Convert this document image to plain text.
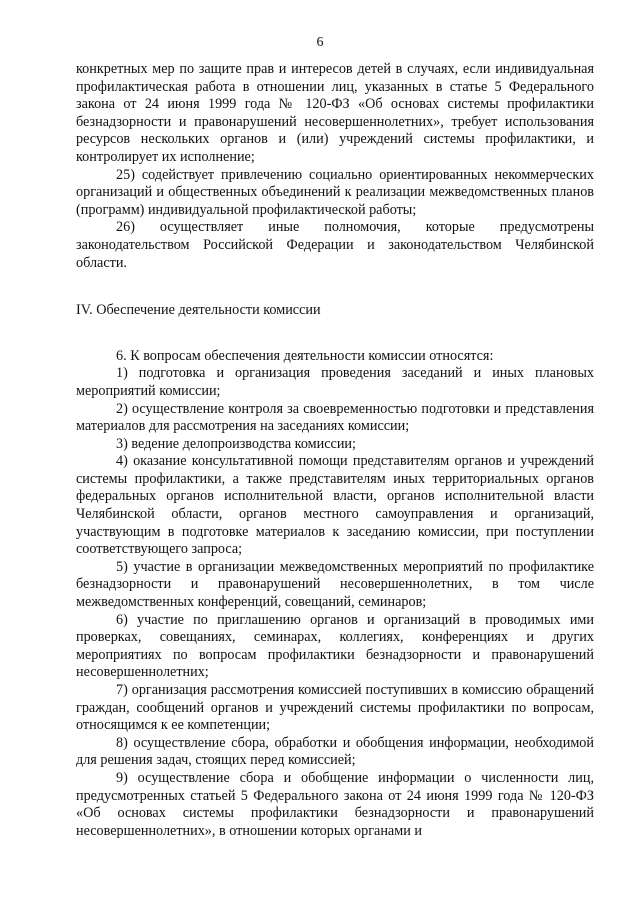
6

конкретных мер по защите прав и интересов детей в случаях, если индивидуальная профилактическая работа в отношении лиц, указанных в статье 5 Федерального закона от 24 июня 1999 года № 120-ФЗ «Об основах системы профилактики безнадзорности и правонарушений несовершеннолетних», требует использования ресурсов нескольких органов и (или) учреждений системы профилактики, и контролирует их исполнение;

25) содействует привлечению социально ориентированных некоммерческих организаций и общественных объединений к реализации межведомственных планов (программ) индивидуальной профилактической работы;

26) осуществляет иные полномочия, которые предусмотрены законодательством Российской Федерации и законодательством Челябинской области.

IV. Обеспечение деятельности комиссии

6. К вопросам обеспечения деятельности комиссии относятся:

1) подготовка и организация проведения заседаний и иных плановых мероприятий комиссии;

2) осуществление контроля за своевременностью подготовки и представления материалов для рассмотрения на заседаниях комиссии;

3) ведение делопроизводства комиссии;

4) оказание консультативной помощи представителям органов и учреждений системы профилактики, а также представителям иных территориальных органов федеральных органов исполнительной власти, органов исполнительной власти Челябинской области, органов местного самоуправления и организаций, участвующим в подготовке материалов к заседанию комиссии, при поступлении соответствующего запроса;

5) участие в организации межведомственных мероприятий по профилактике безнадзорности и правонарушений несовершеннолетних, в том числе межведомственных конференций, совещаний, семинаров;

6) участие по приглашению органов и организаций в проводимых ими проверках, совещаниях, семинарах, коллегиях, конференциях и других мероприятиях по вопросам профилактики безнадзорности и правонарушений несовершеннолетних;

7) организация рассмотрения комиссией поступивших в комиссию обращений граждан, сообщений органов и учреждений системы профилактики по вопросам, относящимся к ее компетенции;

8) осуществление сбора, обработки и обобщения информации, необходимой для решения задач, стоящих перед комиссией;

9) осуществление сбора и обобщение информации о численности лиц, предусмотренных статьей 5 Федерального закона от 24 июня 1999 года № 120-ФЗ «Об основах системы профилактики безнадзорности и правонарушений несовершеннолетних», в отношении которых органами и
